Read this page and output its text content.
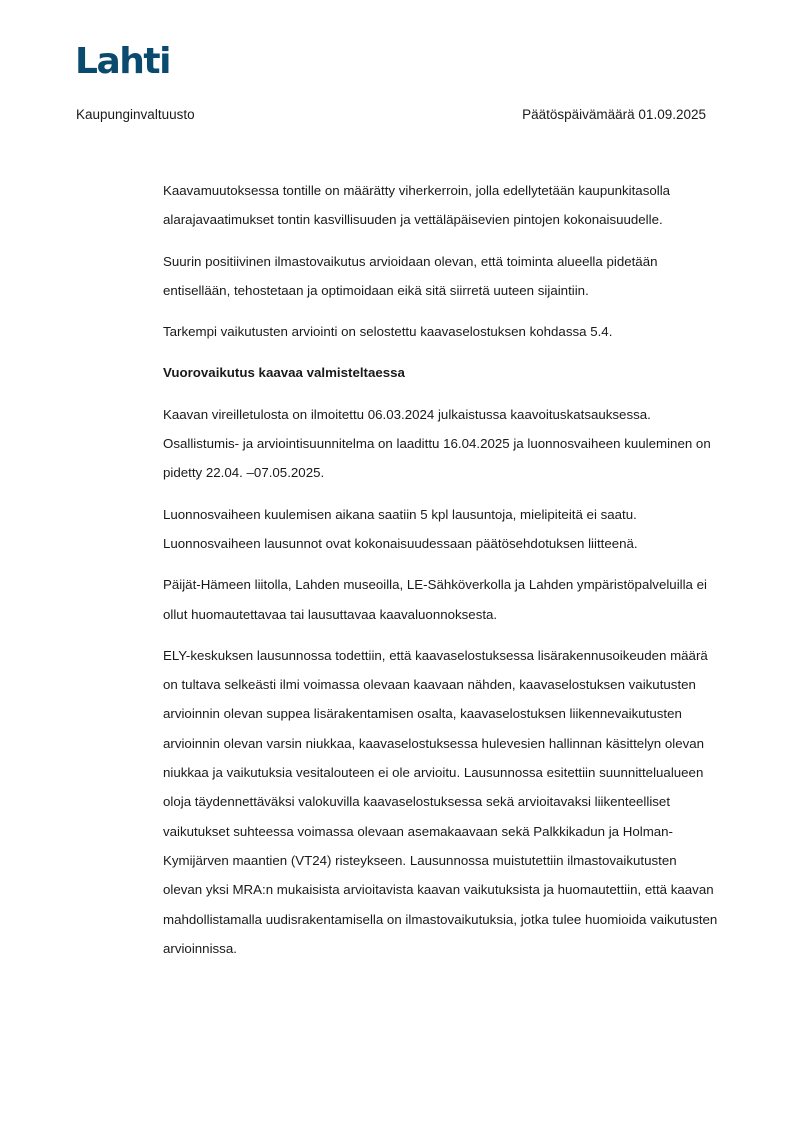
Lahti
Kaupunginvaltuusto	Päätöspäivämäärä 01.09.2025

Kaavamuutoksessa tontille on määrätty viherkerroin, jolla edellytetään kaupunkitasolla alarajavaatimukset tontin kasvillisuuden ja vettäläpäisevien pintojen kokonaisuudelle.

Suurin positiivinen ilmastovaikutus arvioidaan olevan, että toiminta alueella pidetään entisellään, tehostetaan ja optimoidaan eikä sitä siirretä uuteen sijaintiin.

Tarkempi vaikutusten arviointi on selostettu kaavaselostuksen kohdassa 5.4.

Vuorovaikutus kaavaa valmisteltaessa

Kaavan vireilletulosta on ilmoitettu 06.03.2024 julkaistussa kaavoituskatsauksessa. Osallistumis- ja arviointisuunnitelma on laadittu 16.04.2025 ja luonnosvaiheen kuuleminen on pidetty 22.04. –07.05.2025.

Luonnosvaiheen kuulemisen aikana saatiin 5 kpl lausuntoja, mielipiteitä ei saatu. Luonnosvaiheen lausunnot ovat kokonaisuudessaan päätösehdotuksen liitteenä.

Päijät-Hämeen liitolla, Lahden museoilla, LE-Sähköverkolla ja Lahden ympäristöpalveluilla ei ollut huomautettavaa tai lausuttavaa kaavaluonnoksesta.

ELY-keskuksen lausunnossa todettiin, että kaavaselostuksessa lisärakennusoikeuden määrä on tultava selkeästi ilmi voimassa olevaan kaavaan nähden, kaavaselostuksen vaikutusten arvioinnin olevan suppea lisärakentamisen osalta, kaavaselostuksen liikennevaikutusten arvioinnin olevan varsin niukkaa, kaavaselostuksessa hulevesien hallinnan käsittelyn olevan niukkaa ja vaikutuksia vesitalouteen ei ole arvioitu. Lausunnossa esitettiin suunnittelualueen oloja täydennettäväksi valokuvilla kaavaselostuksessa sekä arvioitavaksi liikenteelliset vaikutukset suhteessa voimassa olevaan asemakaavaan sekä Palkkikadun ja Holman-Kymijärven maantien (VT24) risteykseen. Lausunnossa muistutettiin ilmastovaikutusten olevan yksi MRA:n mukaisista arvioitavista kaavan vaikutuksista ja huomautettiin, että kaavan mahdollistamalla uudisrakentamisella on ilmastovaikutuksia, jotka tulee huomioida vaikutusten arvioinnissa.
